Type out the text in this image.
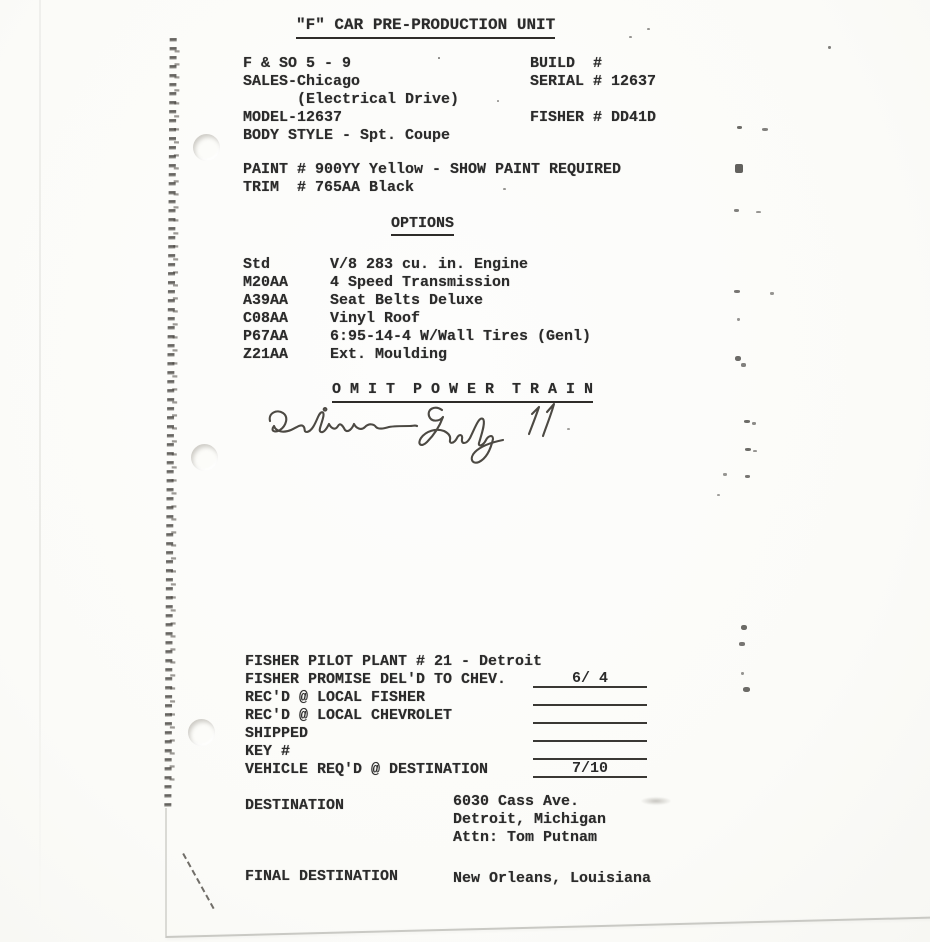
"F" CAR PRE-PRODUCTION UNIT
F & SO 5 - 9
SALES-Chicago
(Electrical Drive)
MODEL-12637
BODY STYLE - Spt. Coupe
BUILD  #
SERIAL # 12637
FISHER # DD41D
PAINT # 900YY Yellow - SHOW PAINT REQUIRED
TRIM  # 765AA Black
OPTIONS
Std	V/8 283 cu. in. Engine
M20AA	4 Speed Transmission
A39AA	Seat Belts Deluxe
C08AA	Vinyl Roof
P67AA	6:95-14-4 W/Wall Tires (Genl)
Z21AA	Ext. Moulding
O M I T  P O W E R  T R A I N
FISHER PILOT PLANT # 21 - Detroit
FISHER PROMISE DEL'D TO CHEV.	6/ 4
REC'D @ LOCAL FISHER
REC'D @ LOCAL CHEVROLET
SHIPPED
KEY #
VEHICLE REQ'D @ DESTINATION	7/10
DESTINATION	6030 Cass Ave.
Detroit, Michigan
Attn: Tom Putnam
FINAL DESTINATION	New Orleans, Louisiana
